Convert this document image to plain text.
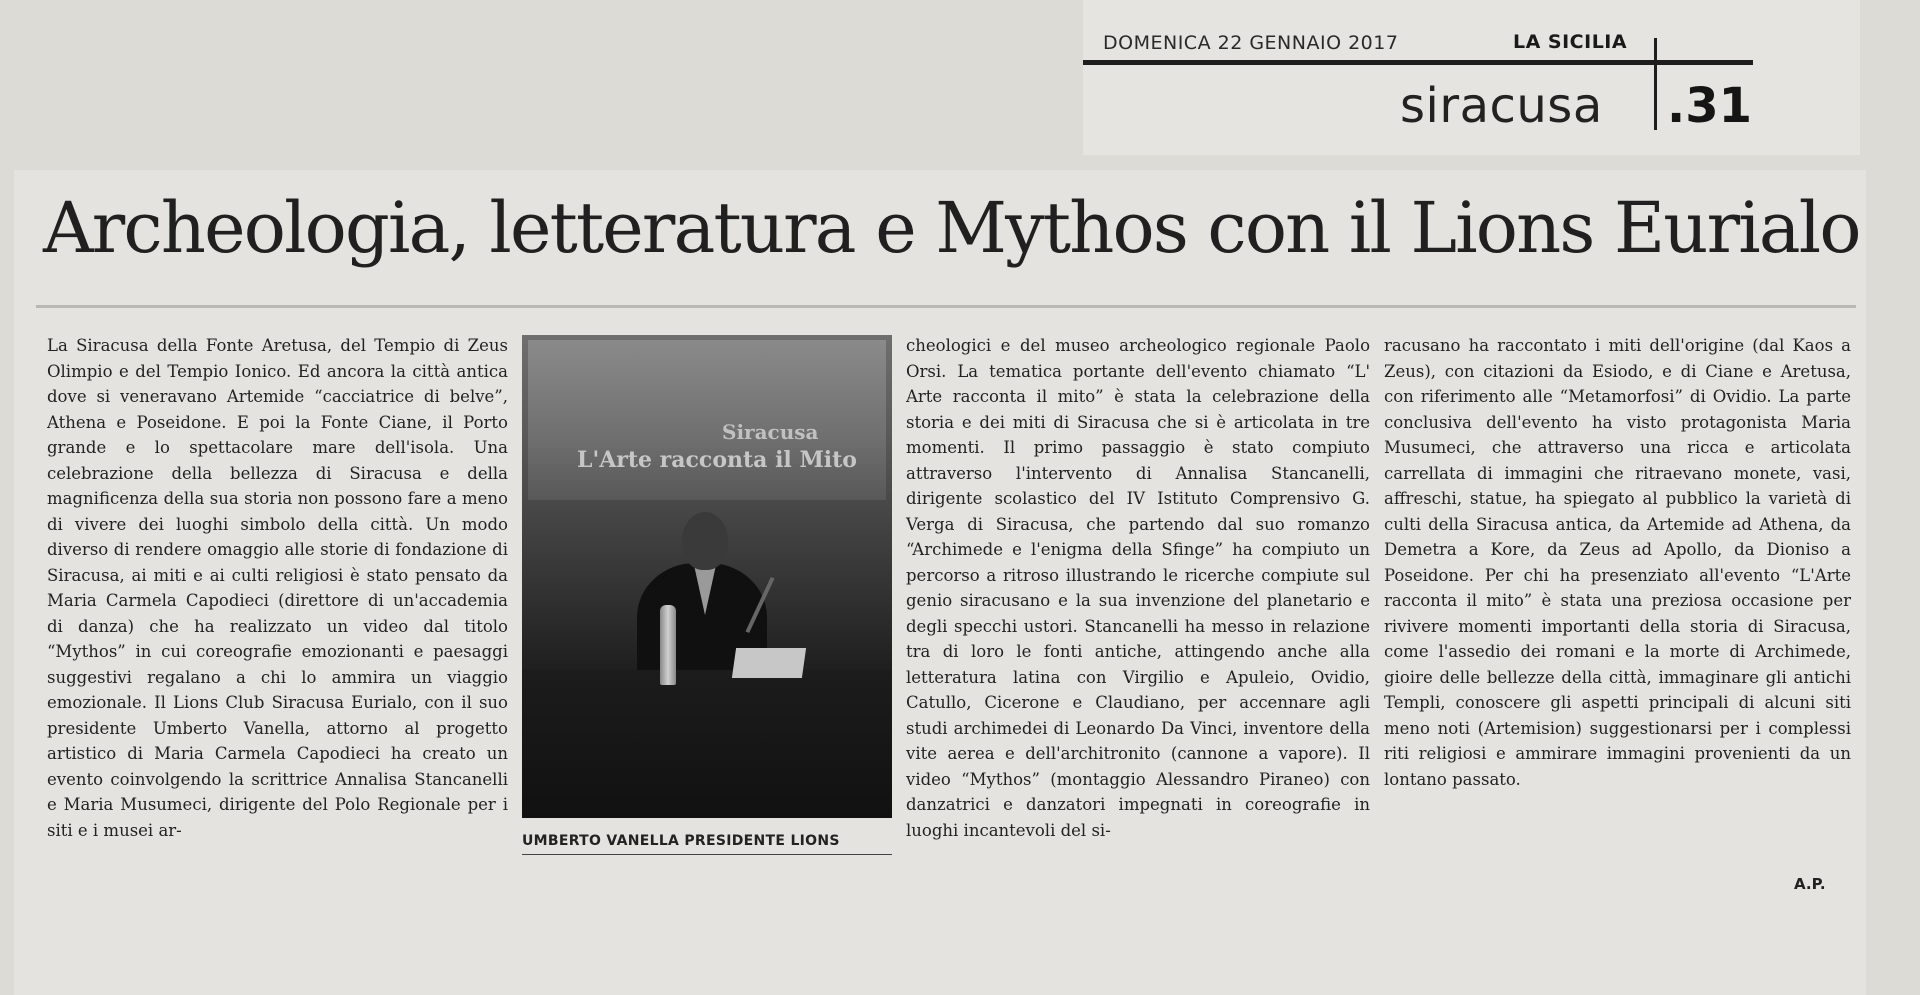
DOMENICA 22 GENNAIO 2017	LA SICILIA
siracusa .31
Archeologia, letteratura e Mythos con il Lions Eurialo
La Siracusa della Fonte Aretusa, del Tempio di Zeus Olimpio e del Tempio Ionico. Ed ancora la città antica dove si veneravano Artemide “cacciatrice di belve”, Athena e Poseidone. E poi la Fonte Ciane, il Porto grande e lo spettacolare mare dell'isola. Una celebrazione della bellezza di Siracusa e della magnificenza della sua storia non possono fare a meno di vivere dei luoghi simbolo della città. Un modo diverso di rendere omaggio alle storie di fondazione di Siracusa, ai miti e ai culti religiosi è stato pensato da Maria Carmela Capodieci (direttore di un'accademia di danza) che ha realizzato un video dal titolo “Mythos” in cui coreografie emozionanti e paesaggi suggestivi regalano a chi lo ammira un viaggio emozionale. Il Lions Club Siracusa Eurialo, con il suo presidente Umberto Vanella, attorno al progetto artistico di Maria Carmela Capodieci ha creato un evento coinvolgendo la scrittrice Annalisa Stancanelli e Maria Musumeci, dirigente del Polo Regionale per i siti e i musei ar-
Siracusa
L'Arte racconta il Mito
UMBERTO VANELLA PRESIDENTE LIONS
cheologici e del museo archeologico regionale Paolo Orsi. La tematica portante dell'evento chiamato “L' Arte racconta il mito” è stata la celebrazione della storia e dei miti di Siracusa che si è articolata in tre momenti. Il primo passaggio è stato compiuto attraverso l'intervento di Annalisa Stancanelli, dirigente scolastico del IV Istituto Comprensivo G. Verga di Siracusa, che partendo dal suo romanzo “Archimede e l'enigma della Sfinge” ha compiuto un percorso a ritroso illustrando le ricerche compiute sul genio siracusano e la sua invenzione del planetario e degli specchi ustori. Stancanelli ha messo in relazione tra di loro le fonti antiche, attingendo anche alla letteratura latina con Virgilio e Apuleio, Ovidio, Catullo, Cicerone e Claudiano, per accennare agli studi archimedei di Leonardo Da Vinci, inventore della vite aerea e dell'architronito (cannone a vapore). Il video “Mythos” (montaggio Alessandro Piraneo) con danzatrici e danzatori impegnati in coreografie in luoghi incantevoli del si-
racusano ha raccontato i miti dell'origine (dal Kaos a Zeus), con citazioni da Esiodo, e di Ciane e Aretusa, con riferimento alle “Metamorfosi” di Ovidio. La parte conclusiva dell'evento ha visto protagonista Maria Musumeci, che attraverso una ricca e articolata carrellata di immagini che ritraevano monete, vasi, affreschi, statue, ha spiegato al pubblico la varietà di culti della Siracusa antica, da Artemide ad Athena, da Demetra a Kore, da Zeus ad Apollo, da Dioniso a Poseidone. Per chi ha presenziato all'evento “L'Arte racconta il mito” è stata una preziosa occasione per rivivere momenti importanti della storia di Siracusa, come l'assedio dei romani e la morte di Archimede, gioire delle bellezze della città, immaginare gli antichi Templi, conoscere gli aspetti principali di alcuni siti meno noti (Artemision) suggestionarsi per i complessi riti religiosi e ammirare immagini provenienti da un lontano passato.
A.P.
